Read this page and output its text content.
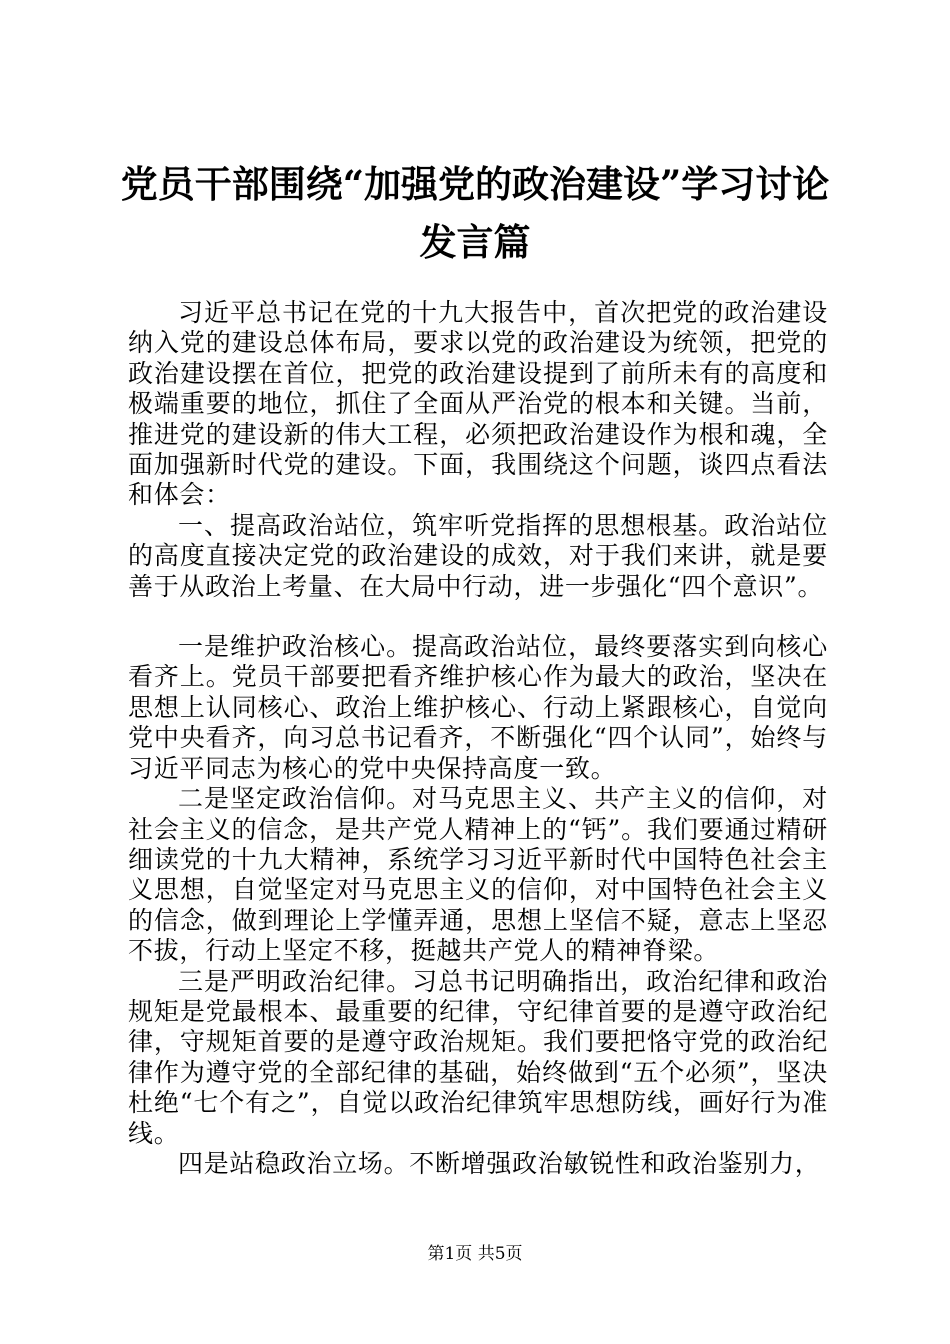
党员干部围绕“加强党的政治建设”学习讨论
发言篇

习近平总书记在党的十九大报告中，首次把党的政治建设纳入党的建设总体布局，要求以党的政治建设为统领，把党的政治建设摆在首位，把党的政治建设提到了前所未有的高度和极端重要的地位，抓住了全面从严治党的根本和关键。当前，推进党的建设新的伟大工程，必须把政治建设作为根和魂，全面加强新时代党的建设。下面，我围绕这个问题，谈四点看法和体会：

一、提高政治站位，筑牢听党指挥的思想根基。政治站位的高度直接决定党的政治建设的成效，对于我们来讲，就是要善于从政治上考量、在大局中行动，进一步强化“四个意识”。

一是维护政治核心。提高政治站位，最终要落实到向核心看齐上。党员干部要把看齐维护核心作为最大的政治，坚决在思想上认同核心、政治上维护核心、行动上紧跟核心，自觉向党中央看齐，向习总书记看齐，不断强化“四个认同”，始终与习近平同志为核心的党中央保持高度一致。

二是坚定政治信仰。对马克思主义、共产主义的信仰，对社会主义的信念，是共产党人精神上的“钙”。我们要通过精研细读党的十九大精神，系统学习习近平新时代中国特色社会主义思想，自觉坚定对马克思主义的信仰，对中国特色社会主义的信念，做到理论上学懂弄通，思想上坚信不疑，意志上坚忍不拔，行动上坚定不移，挺越共产党人的精神脊梁。

三是严明政治纪律。习总书记明确指出，政治纪律和政治规矩是党最根本、最重要的纪律，守纪律首要的是遵守政治纪律，守规矩首要的是遵守政治规矩。我们要把恪守党的政治纪律作为遵守党的全部纪律的基础，始终做到“五个必须”，坚决杜绝“七个有之”，自觉以政治纪律筑牢思想防线，画好行为准线。

四是站稳政治立场。不断增强政治敏锐性和政治鉴别力，

第1页 共5页
